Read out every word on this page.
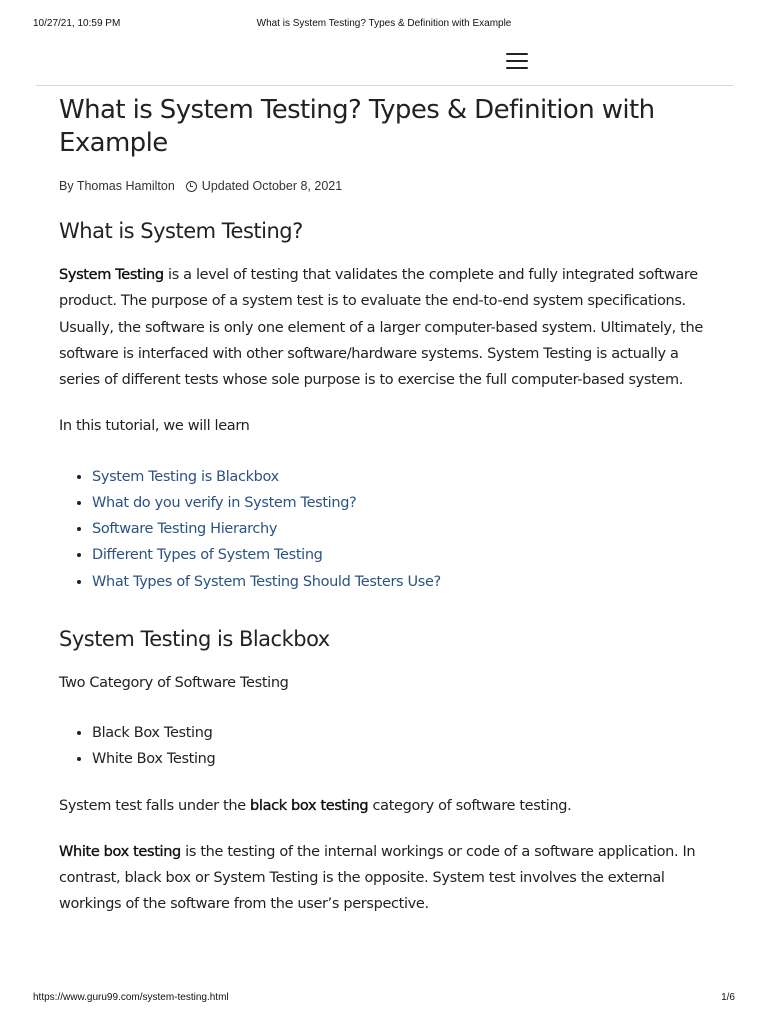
10/27/21, 10:59 PM	What is System Testing? Types & Definition with Example
What is System Testing? Types & Definition with Example
By Thomas Hamilton Updated October 8, 2021
What is System Testing?

System Testing is a level of testing that validates the complete and fully integrated software product. The purpose of a system test is to evaluate the end-to-end system specifications. Usually, the software is only one element of a larger computer-based system. Ultimately, the software is interfaced with other software/hardware systems. System Testing is actually a series of different tests whose sole purpose is to exercise the full computer-based system.

In this tutorial, we will learn

• System Testing is Blackbox
• What do you verify in System Testing?
• Software Testing Hierarchy
• Different Types of System Testing
• What Types of System Testing Should Testers Use?
System Testing is Blackbox

Two Category of Software Testing

• Black Box Testing
• White Box Testing

System test falls under the black box testing category of software testing.

White box testing is the testing of the internal workings or code of a software application. In contrast, black box or System Testing is the opposite. System test involves the external workings of the software from the user’s perspective.

https://www.guru99.com/system-testing.html	1/6
